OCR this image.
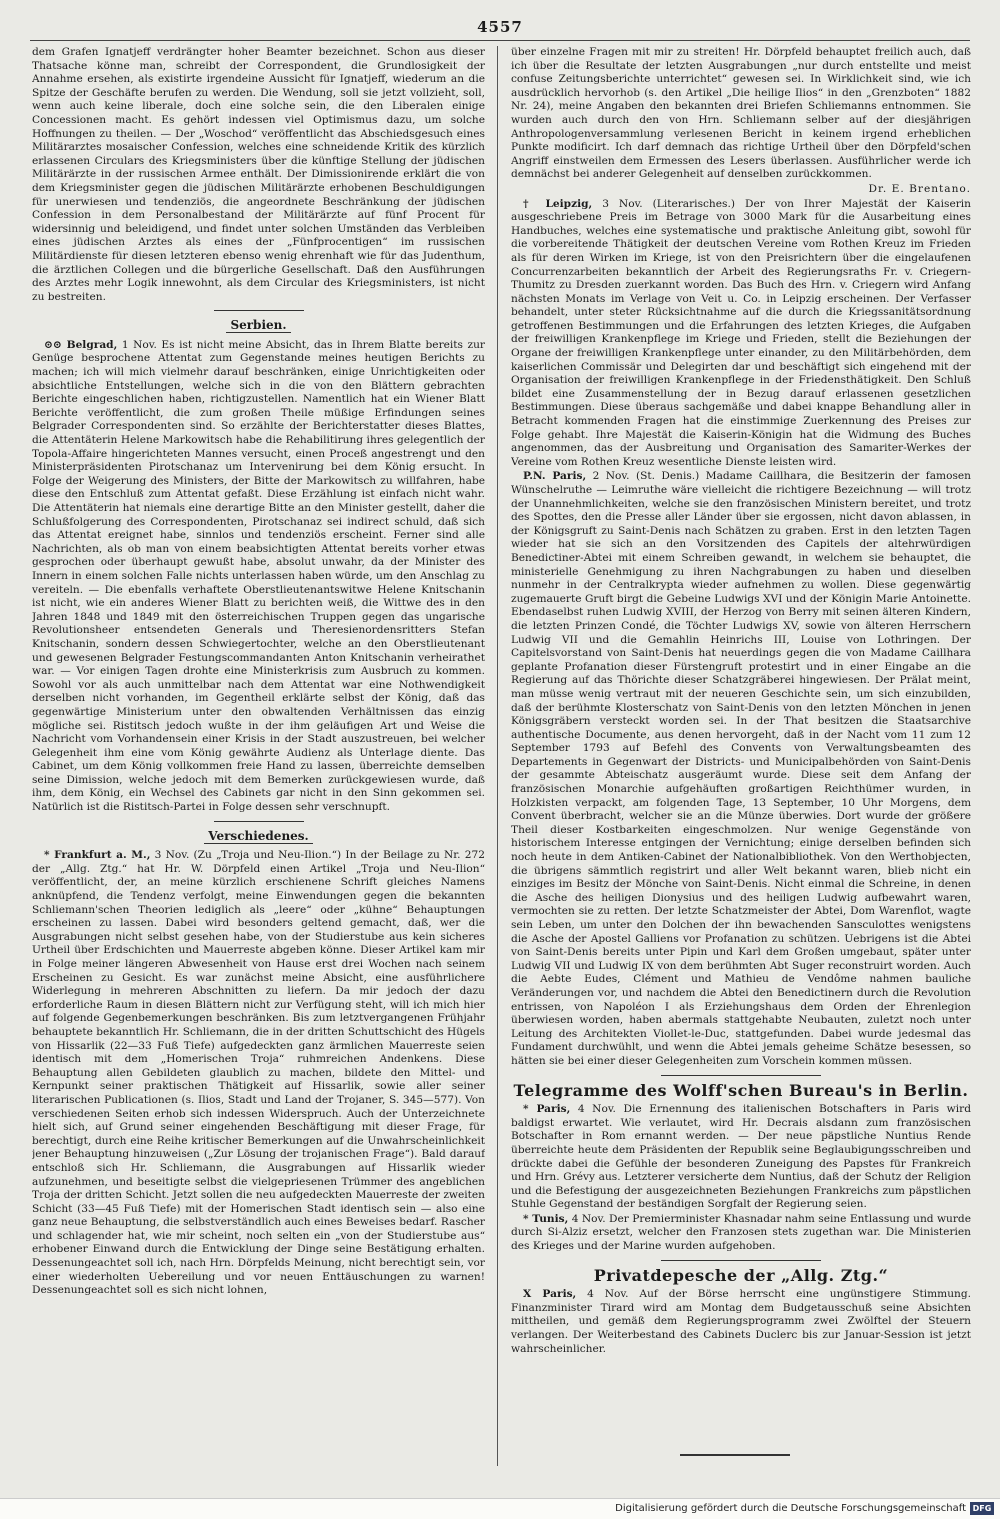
4557

dem Grafen Ignatjeff verdrängter hoher Beamter bezeichnet. Schon aus dieser Thatsache könne man, schreibt der Correspondent, die Grundlosigkeit der Annahme ersehen, als existirte irgendeine Aussicht für Ignatjeff, wiederum an die Spitze der Geschäfte berufen zu werden. Die Wendung, soll sie jetzt vollzieht, soll, wenn auch keine liberale, doch eine solche sein, die den Liberalen einige Concessionen macht. Es gehört indessen viel Optimismus dazu, um solche Hoffnungen zu theilen. — Der „Woschod“ veröffentlicht das Abschiedsgesuch eines Militärarztes mosaischer Confession, welches eine schneidende Kritik des kürzlich erlassenen Circulars des Kriegsministers über die künftige Stellung der jüdischen Militärärzte in der russischen Armee enthält. Der Dimissionirende erklärt die von dem Kriegsminister gegen die jüdischen Militärärzte erhobenen Beschuldigungen für unerwiesen und tendenziös, die angeordnete Beschränkung der jüdischen Confession in dem Personalbestand der Militärärzte auf fünf Procent für widersinnig und beleidigend, und findet unter solchen Umständen das Verbleiben eines jüdischen Arztes als eines der „Fünfprocentigen“ im russischen Militärdienste für diesen letzteren ebenso wenig ehrenhaft wie für das Judenthum, die ärztlichen Collegen und die bürgerliche Gesellschaft. Daß den Ausführungen des Arztes mehr Logik innewohnt, als dem Circular des Kriegsministers, ist nicht zu bestreiten.

Serbien.

⊙⊙ Belgrad, 1 Nov. Es ist nicht meine Absicht, das in Ihrem Blatte bereits zur Genüge besprochene Attentat zum Gegenstande meines heutigen Berichts zu machen; ich will mich vielmehr darauf beschränken, einige Unrichtigkeiten oder absichtliche Entstellungen, welche sich in die von den Blättern gebrachten Berichte eingeschlichen haben, richtigzustellen. Namentlich hat ein Wiener Blatt Berichte veröffentlicht, die zum großen Theile müßige Erfindungen seines Belgrader Correspondenten sind. So erzählte der Berichterstatter dieses Blattes, die Attentäterin Helene Markowitsch habe die Rehabilitirung ihres gelegentlich der Topola-Affaire hingerichteten Mannes versucht, einen Proceß angestrengt und den Ministerpräsidenten Pirotschanaz um Intervenirung bei dem König ersucht. In Folge der Weigerung des Ministers, der Bitte der Markowitsch zu willfahren, habe diese den Entschluß zum Attentat gefaßt. Diese Erzählung ist einfach nicht wahr. Die Attentäterin hat niemals eine derartige Bitte an den Minister gestellt, daher die Schlußfolgerung des Correspondenten, Pirotschanaz sei indirect schuld, daß sich das Attentat ereignet habe, sinnlos und tendenziös erscheint. Ferner sind alle Nachrichten, als ob man von einem beabsichtigten Attentat bereits vorher etwas gesprochen oder überhaupt gewußt habe, absolut unwahr, da der Minister des Innern in einem solchen Falle nichts unterlassen haben würde, um den Anschlag zu vereiteln. — Die ebenfalls verhaftete Oberstlieutenantswitwe Helene Knitschanin ist nicht, wie ein anderes Wiener Blatt zu berichten weiß, die Wittwe des in den Jahren 1848 und 1849 mit den österreichischen Truppen gegen das ungarische Revolutionsheer entsendeten Generals und Theresienordensritters Stefan Knitschanin, sondern dessen Schwiegertochter, welche an den Oberstlieutenant und gewesenen Belgrader Festungscommandanten Anton Knitschanin verheirathet war. — Vor einigen Tagen drohte eine Ministerkrisis zum Ausbruch zu kommen. Sowohl vor als auch unmittelbar nach dem Attentat war eine Nothwendigkeit derselben nicht vorhanden, im Gegentheil erklärte selbst der König, daß das gegenwärtige Ministerium unter den obwaltenden Verhältnissen das einzig mögliche sei. Ristitsch jedoch wußte in der ihm geläufigen Art und Weise die Nachricht vom Vorhandensein einer Krisis in der Stadt auszustreuen, bei welcher Gelegenheit ihm eine vom König gewährte Audienz als Unterlage diente. Das Cabinet, um dem König vollkommen freie Hand zu lassen, überreichte demselben seine Dimission, welche jedoch mit dem Bemerken zurückgewiesen wurde, daß ihm, dem König, ein Wechsel des Cabinets gar nicht in den Sinn gekommen sei. Natürlich ist die Ristitsch-Partei in Folge dessen sehr verschnupft.

Verschiedenes.

* Frankfurt a. M., 3 Nov. (Zu „Troja und Neu-Ilion.“) In der Beilage zu Nr. 272 der „Allg. Ztg.“ hat Hr. W. Dörpfeld einen Artikel „Troja und Neu-Ilion“ veröffentlicht, der, an meine kürzlich erschienene Schrift gleiches Namens anknüpfend, die Tendenz verfolgt, meine Einwendungen gegen die bekannten Schliemann'schen Theorien lediglich als „leere“ oder „kühne“ Behauptungen erscheinen zu lassen. Dabei wird besonders geltend gemacht, daß, wer die Ausgrabungen nicht selbst gesehen habe, von der Studierstube aus kein sicheres Urtheil über Erdschichten und Mauerreste abgeben könne. Dieser Artikel kam mir in Folge meiner längeren Abwesenheit von Hause erst drei Wochen nach seinem Erscheinen zu Gesicht. Es war zunächst meine Absicht, eine ausführlichere Widerlegung in mehreren Abschnitten zu liefern. Da mir jedoch der dazu erforderliche Raum in diesen Blättern nicht zur Verfügung steht, will ich mich hier auf folgende Gegenbemerkungen beschränken. Bis zum letztvergangenen Frühjahr behauptete bekanntlich Hr. Schliemann, die in der dritten Schuttschicht des Hügels von Hissarlik (22—33 Fuß Tiefe) aufgedeckten ganz ärmlichen Mauerreste seien identisch mit dem „Homerischen Troja“ ruhmreichen Andenkens. Diese Behauptung allen Gebildeten glaublich zu machen, bildete den Mittel- und Kernpunkt seiner praktischen Thätigkeit auf Hissarlik, sowie aller seiner literarischen Publicationen (s. Ilios, Stadt und Land der Trojaner, S. 345—577). Von verschiedenen Seiten erhob sich indessen Widerspruch. Auch der Unterzeichnete hielt sich, auf Grund seiner eingehenden Beschäftigung mit dieser Frage, für berechtigt, durch eine Reihe kritischer Bemerkungen auf die Unwahrscheinlichkeit jener Behauptung hinzuweisen („Zur Lösung der trojanischen Frage“). Bald darauf entschloß sich Hr. Schliemann, die Ausgrabungen auf Hissarlik wieder aufzunehmen, und beseitigte selbst die vielgepriesenen Trümmer des angeblichen Troja der dritten Schicht. Jetzt sollen die neu aufgedeckten Mauerreste der zweiten Schicht (33—45 Fuß Tiefe) mit der Homerischen Stadt identisch sein — also eine ganz neue Behauptung, die selbstverständlich auch eines Beweises bedarf. Rascher und schlagender hat, wie mir scheint, noch selten ein „von der Studierstube aus“ erhobener Einwand durch die Entwicklung der Dinge seine Bestätigung erhalten. Dessenungeachtet soll ich, nach Hrn. Dörpfelds Meinung, nicht berechtigt sein, vor einer wiederholten Uebereilung und vor neuen Enttäuschungen zu warnen! Dessenungeachtet soll es sich nicht lohnen,

über einzelne Fragen mit mir zu streiten! Hr. Dörpfeld behauptet freilich auch, daß ich über die Resultate der letzten Ausgrabungen „nur durch entstellte und meist confuse Zeitungsberichte unterrichtet“ gewesen sei. In Wirklichkeit sind, wie ich ausdrücklich hervorhob (s. den Artikel „Die heilige Ilios“ in den „Grenzboten“ 1882 Nr. 24), meine Angaben den bekannten drei Briefen Schliemanns entnommen. Sie wurden auch durch den von Hrn. Schliemann selber auf der diesjährigen Anthropologenversammlung verlesenen Bericht in keinem irgend erheblichen Punkte modificirt. Ich darf demnach das richtige Urtheil über den Dörpfeld'schen Angriff einstweilen dem Ermessen des Lesers überlassen. Ausführlicher werde ich demnächst bei anderer Gelegenheit auf denselben zurückkommen.

Dr. E. Brentano.

† Leipzig, 3 Nov. (Literarisches.) Der von Ihrer Majestät der Kaiserin ausgeschriebene Preis im Betrage von 3000 Mark für die Ausarbeitung eines Handbuches, welches eine systematische und praktische Anleitung gibt, sowohl für die vorbereitende Thätigkeit der deutschen Vereine vom Rothen Kreuz im Frieden als für deren Wirken im Kriege, ist von den Preisrichtern über die eingelaufenen Concurrenzarbeiten bekanntlich der Arbeit des Regierungsraths Fr. v. Criegern-Thumitz zu Dresden zuerkannt worden. Das Buch des Hrn. v. Criegern wird Anfang nächsten Monats im Verlage von Veit u. Co. in Leipzig erscheinen. Der Verfasser behandelt, unter steter Rücksichtnahme auf die durch die Kriegssanitätsordnung getroffenen Bestimmungen und die Erfahrungen des letzten Krieges, die Aufgaben der freiwilligen Krankenpflege im Kriege und Frieden, stellt die Beziehungen der Organe der freiwilligen Krankenpflege unter einander, zu den Militärbehörden, dem kaiserlichen Commissär und Delegirten dar und beschäftigt sich eingehend mit der Organisation der freiwilligen Krankenpflege in der Friedensthätigkeit. Den Schluß bildet eine Zusammenstellung der in Bezug darauf erlassenen gesetzlichen Bestimmungen. Diese überaus sachgemäße und dabei knappe Behandlung aller in Betracht kommenden Fragen hat die einstimmige Zuerkennung des Preises zur Folge gehabt. Ihre Majestät die Kaiserin-Königin hat die Widmung des Buches angenommen, das der Ausbreitung und Organisation des Samariter-Werkes der Vereine vom Rothen Kreuz wesentliche Dienste leisten wird.

P.N. Paris, 2 Nov. (St. Denis.) Madame Caillhara, die Besitzerin der famosen Wünschelruthe — Leimruthe wäre vielleicht die richtigere Bezeichnung — will trotz der Unannehmlichkeiten, welche sie den französischen Ministern bereitet, und trotz des Spottes, den die Presse aller Länder über sie ergossen, nicht davon ablassen, in der Königsgruft zu Saint-Denis nach Schätzen zu graben. Erst in den letzten Tagen wieder hat sie sich an den Vorsitzenden des Capitels der altehrwürdigen Benedictiner-Abtei mit einem Schreiben gewandt, in welchem sie behauptet, die ministerielle Genehmigung zu ihren Nachgrabungen zu haben und dieselben nunmehr in der Centralkrypta wieder aufnehmen zu wollen. Diese gegenwärtig zugemauerte Gruft birgt die Gebeine Ludwigs XVI und der Königin Marie Antoinette. Ebendaselbst ruhen Ludwig XVIII, der Herzog von Berry mit seinen älteren Kindern, die letzten Prinzen Condé, die Töchter Ludwigs XV, sowie von älteren Herrschern Ludwig VII und die Gemahlin Heinrichs III, Louise von Lothringen. Der Capitelsvorstand von Saint-Denis hat neuerdings gegen die von Madame Caillhara geplante Profanation dieser Fürstengruft protestirt und in einer Eingabe an die Regierung auf das Thörichte dieser Schatzgräberei hingewiesen. Der Prälat meint, man müsse wenig vertraut mit der neueren Geschichte sein, um sich einzubilden, daß der berühmte Klosterschatz von Saint-Denis von den letzten Mönchen in jenen Königsgräbern versteckt worden sei. In der That besitzen die Staatsarchive authentische Documente, aus denen hervorgeht, daß in der Nacht vom 11 zum 12 September 1793 auf Befehl des Convents von Verwaltungsbeamten des Departements in Gegenwart der Districts- und Municipalbehörden von Saint-Denis der gesammte Abteischatz ausgeräumt wurde. Diese seit dem Anfang der französischen Monarchie aufgehäuften großartigen Reichthümer wurden, in Holzkisten verpackt, am folgenden Tage, 13 September, 10 Uhr Morgens, dem Convent überbracht, welcher sie an die Münze überwies. Dort wurde der größere Theil dieser Kostbarkeiten eingeschmolzen. Nur wenige Gegenstände von historischem Interesse entgingen der Vernichtung; einige derselben befinden sich noch heute in dem Antiken-Cabinet der Nationalbibliothek. Von den Werthobjecten, die übrigens sämmtlich registrirt und aller Welt bekannt waren, blieb nicht ein einziges im Besitz der Mönche von Saint-Denis. Nicht einmal die Schreine, in denen die Asche des heiligen Dionysius und des heiligen Ludwig aufbewahrt waren, vermochten sie zu retten. Der letzte Schatzmeister der Abtei, Dom Warenflot, wagte sein Leben, um unter den Dolchen der ihn bewachenden Sansculottes wenigstens die Asche der Apostel Galliens vor Profanation zu schützen. Uebrigens ist die Abtei von Saint-Denis bereits unter Pipin und Karl dem Großen umgebaut, später unter Ludwig VII und Ludwig IX von dem berühmten Abt Suger reconstruirt worden. Auch die Aebte Eudes, Clément und Mathieu de Vendôme nahmen bauliche Veränderungen vor, und nachdem die Abtei den Benedictinern durch die Revolution entrissen, von Napoléon I als Erziehungshaus dem Orden der Ehrenlegion überwiesen worden, haben abermals stattgehabte Neubauten, zuletzt noch unter Leitung des Architekten Viollet-le-Duc, stattgefunden. Dabei wurde jedesmal das Fundament durchwühlt, und wenn die Abtei jemals geheime Schätze besessen, so hätten sie bei einer dieser Gelegenheiten zum Vorschein kommen müssen.

Telegramme des Wolff'schen Bureau's in Berlin.

* Paris, 4 Nov. Die Ernennung des italienischen Botschafters in Paris wird baldigst erwartet. Wie verlautet, wird Hr. Decrais alsdann zum französischen Botschafter in Rom ernannt werden. — Der neue päpstliche Nuntius Rende überreichte heute dem Präsidenten der Republik seine Beglaubigungsschreiben und drückte dabei die Gefühle der besonderen Zuneigung des Papstes für Frankreich und Hrn. Grévy aus. Letzterer versicherte dem Nuntius, daß der Schutz der Religion und die Befestigung der ausgezeichneten Beziehungen Frankreichs zum päpstlichen Stuhle Gegenstand der beständigen Sorgfalt der Regierung seien.

* Tunis, 4 Nov. Der Premierminister Khasnadar nahm seine Entlassung und wurde durch Si-Alziz ersetzt, welcher den Franzosen stets zugethan war. Die Ministerien des Krieges und der Marine wurden aufgehoben.

Privatdepesche der „Allg. Ztg.“

X Paris, 4 Nov. Auf der Börse herrscht eine ungünstigere Stimmung. Finanzminister Tirard wird am Montag dem Budgetausschuß seine Absichten mittheilen, und gemäß dem Regierungsprogramm zwei Zwölftel der Steuern verlangen. Der Weiterbestand des Cabinets Duclerc bis zur Januar-Session ist jetzt wahrscheinlicher.

Digitalisierung gefördert durch die Deutsche Forschungsgemeinschaft DFG
